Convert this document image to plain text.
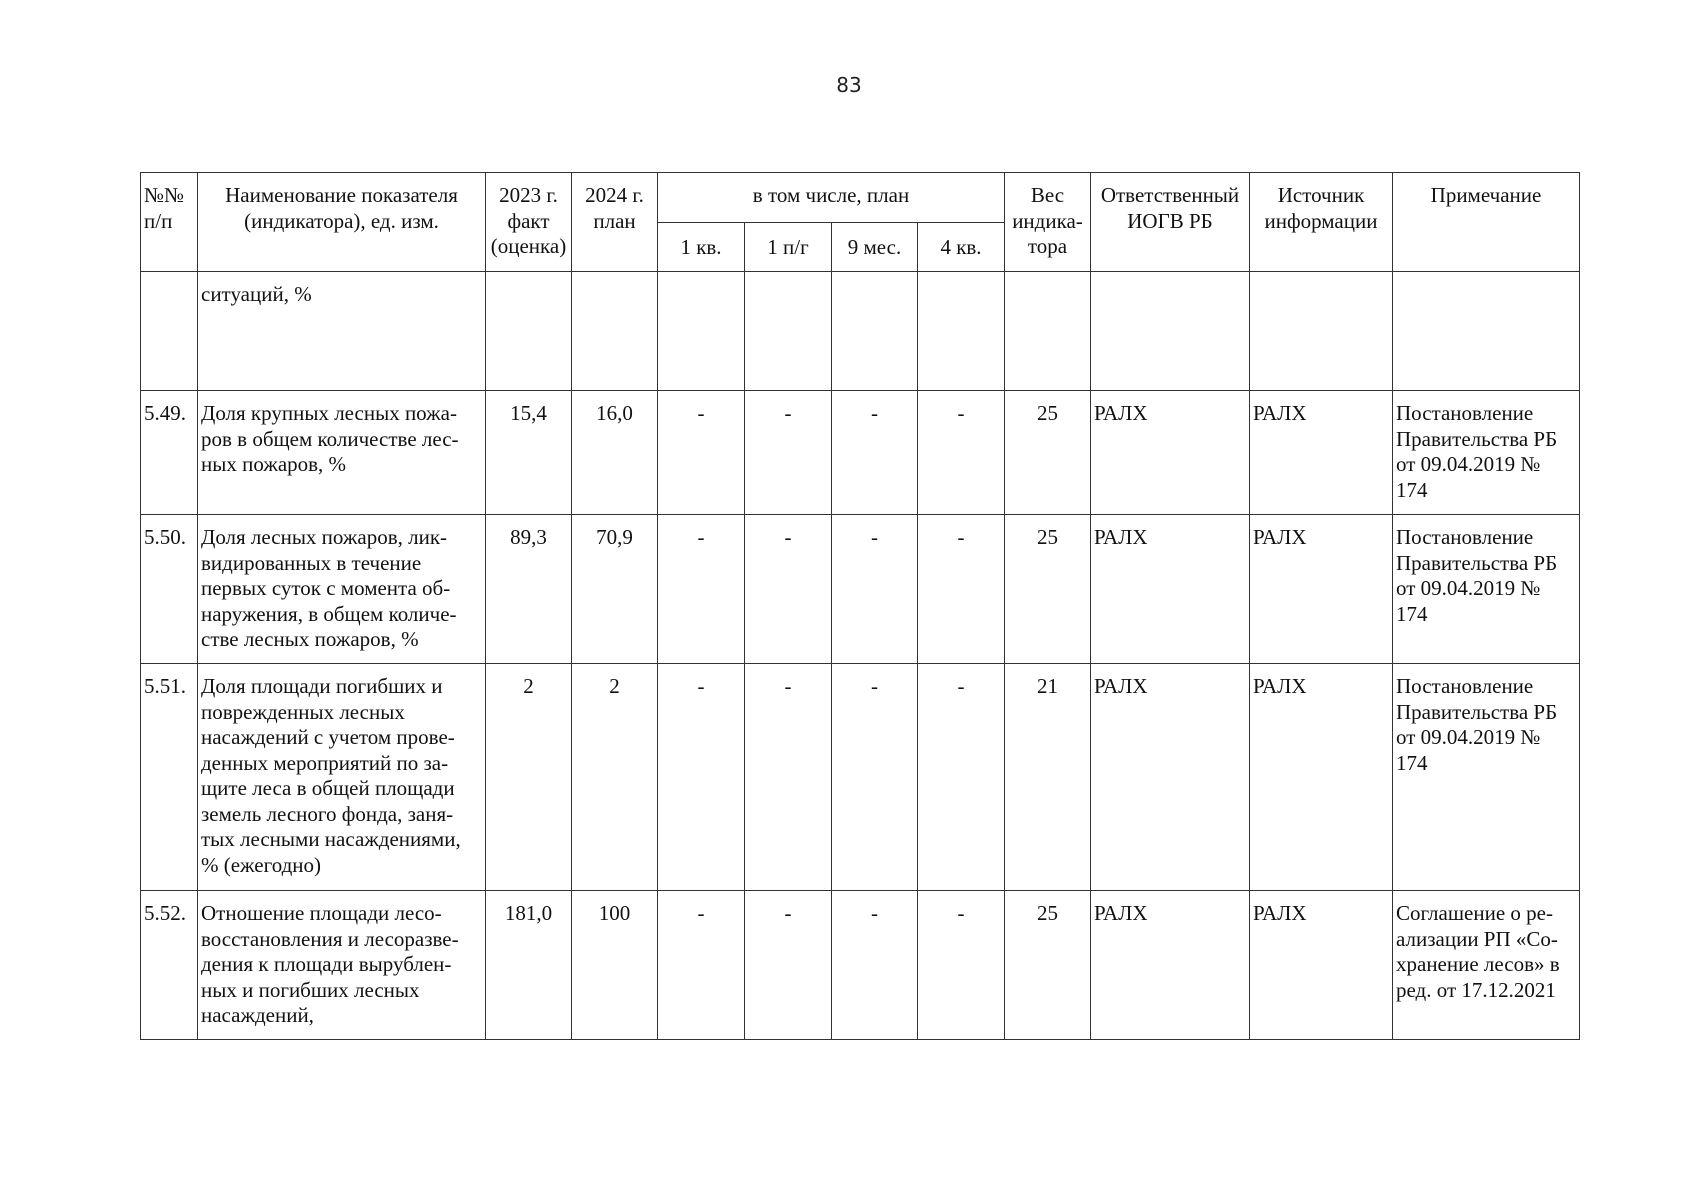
83
№№
п/п	Наименование показателя (индикатора), ед. изм.	2023 г. факт (оценка)	2024 г. план	в том числе, план				Вес индика-тора	Ответственный ИОГВ РБ	Источник информации	Примечание
				1 кв.	1 п/г	9 мес.	4 кв.				
	ситуаций, %										
5.49.	Доля крупных лесных пожа-ров в общем количестве лес-ных пожаров, %	15,4	16,0	-	-	-	-	25	РАЛХ	РАЛХ	Постановление Правительства РБ от 09.04.2019 № 174
5.50.	Доля лесных пожаров, лик-видированных в течение первых суток с момента об-наружения, в общем количе-стве лесных пожаров, %	89,3	70,9	-	-	-	-	25	РАЛХ	РАЛХ	Постановление Правительства РБ от 09.04.2019 № 174
5.51.	Доля площади погибших и поврежденных лесных насаждений с учетом прове-денных мероприятий по за-щите леса в общей площади земель лесного фонда, заня-тых лесными насаждениями, % (ежегодно)	2	2	-	-	-	-	21	РАЛХ	РАЛХ	Постановление Правительства РБ от 09.04.2019 № 174
5.52.	Отношение площади лесо-восстановления и лесоразве-дения к площади вырублен-ных и погибших лесных насаждений,	181,0	100	-	-	-	-	25	РАЛХ	РАЛХ	Соглашение о ре-ализации РП «Со-хранение лесов» в ред. от 17.12.2021
